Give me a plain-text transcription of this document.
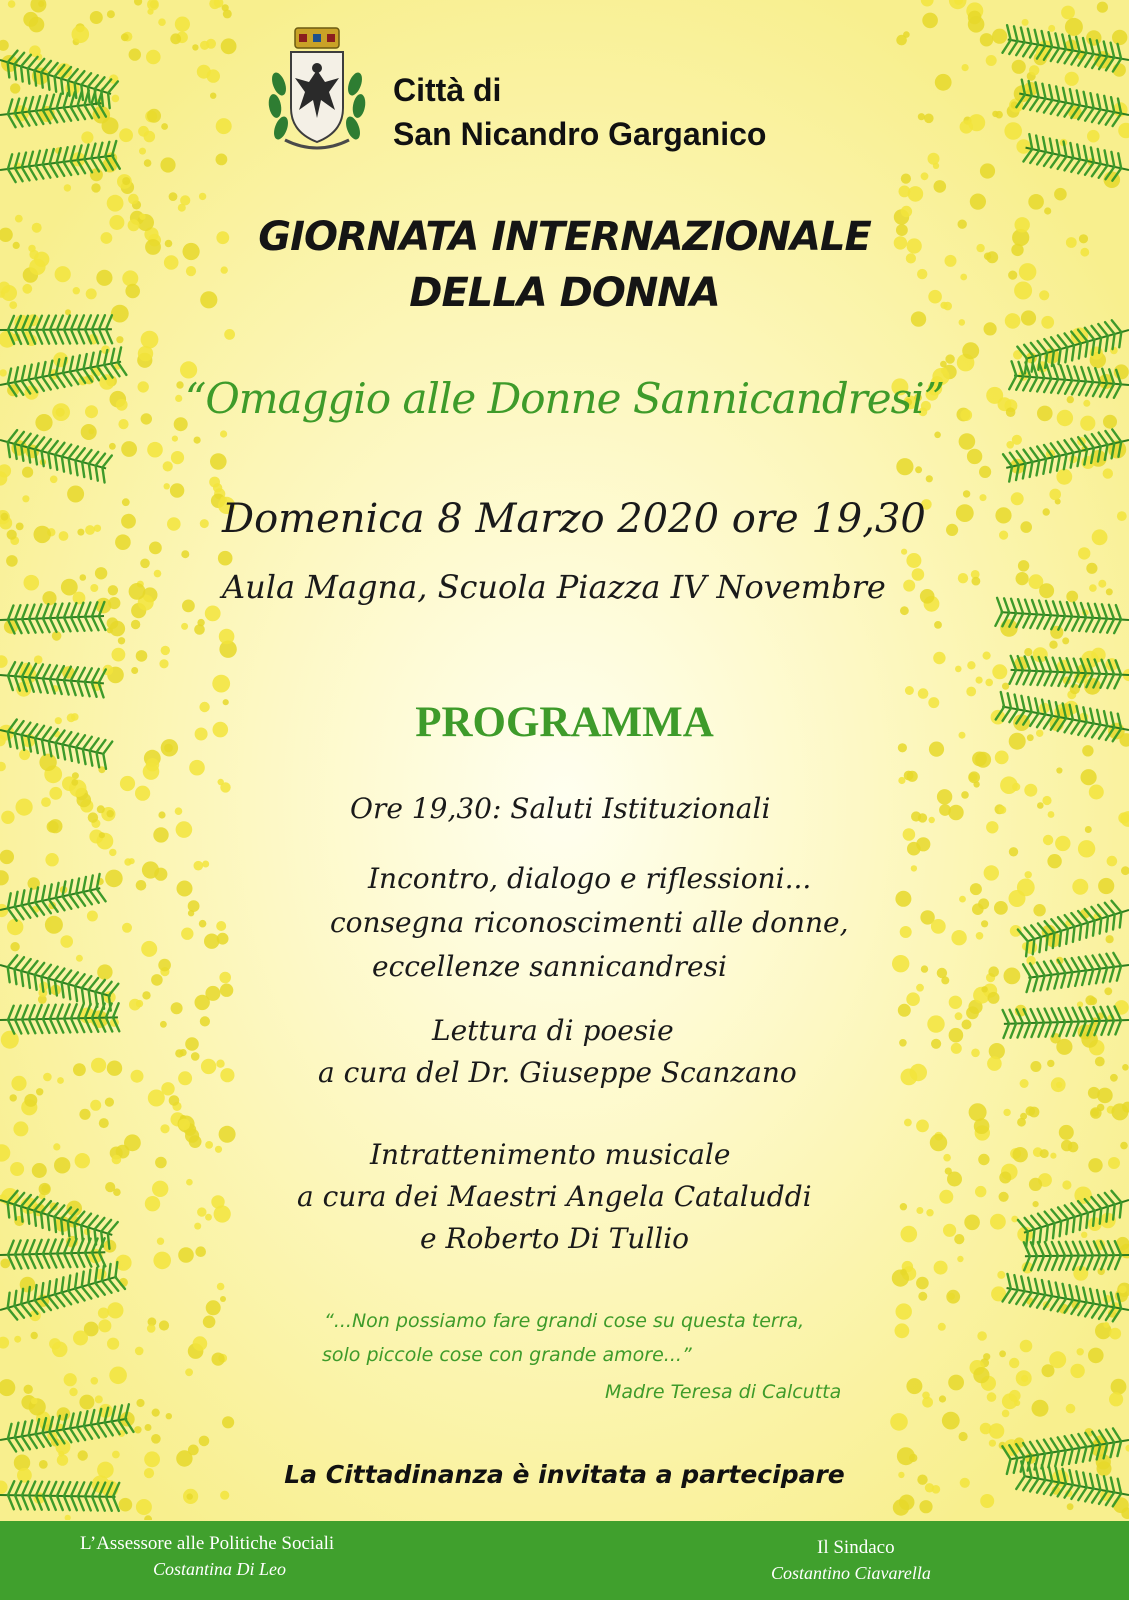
Città di

San Nicandro Garganico

GIORNATA INTERNAZIONALE

DELLA DONNA

“Omaggio alle Donne Sannicandresi”

Domenica 8 Marzo 2020 ore 19,30

Aula Magna, Scuola Piazza IV Novembre

PROGRAMMA

Ore 19,30: Saluti Istituzionali

Incontro, dialogo e riflessioni...

consegna riconoscimenti alle donne,

eccellenze sannicandresi

Lettura di poesie

a cura del Dr. Giuseppe Scanzano

Intrattenimento musicale

a cura dei Maestri Angela Cataluddi

e Roberto Di Tullio

“...Non possiamo fare grandi cose su questa terra,

solo piccole cose con grande amore...”

Madre Teresa di Calcutta

La Cittadinanza è invitata a partecipare

L’Assessore alle Politiche Sociali

Costantina Di Leo

Il Sindaco

Costantino Ciavarella
